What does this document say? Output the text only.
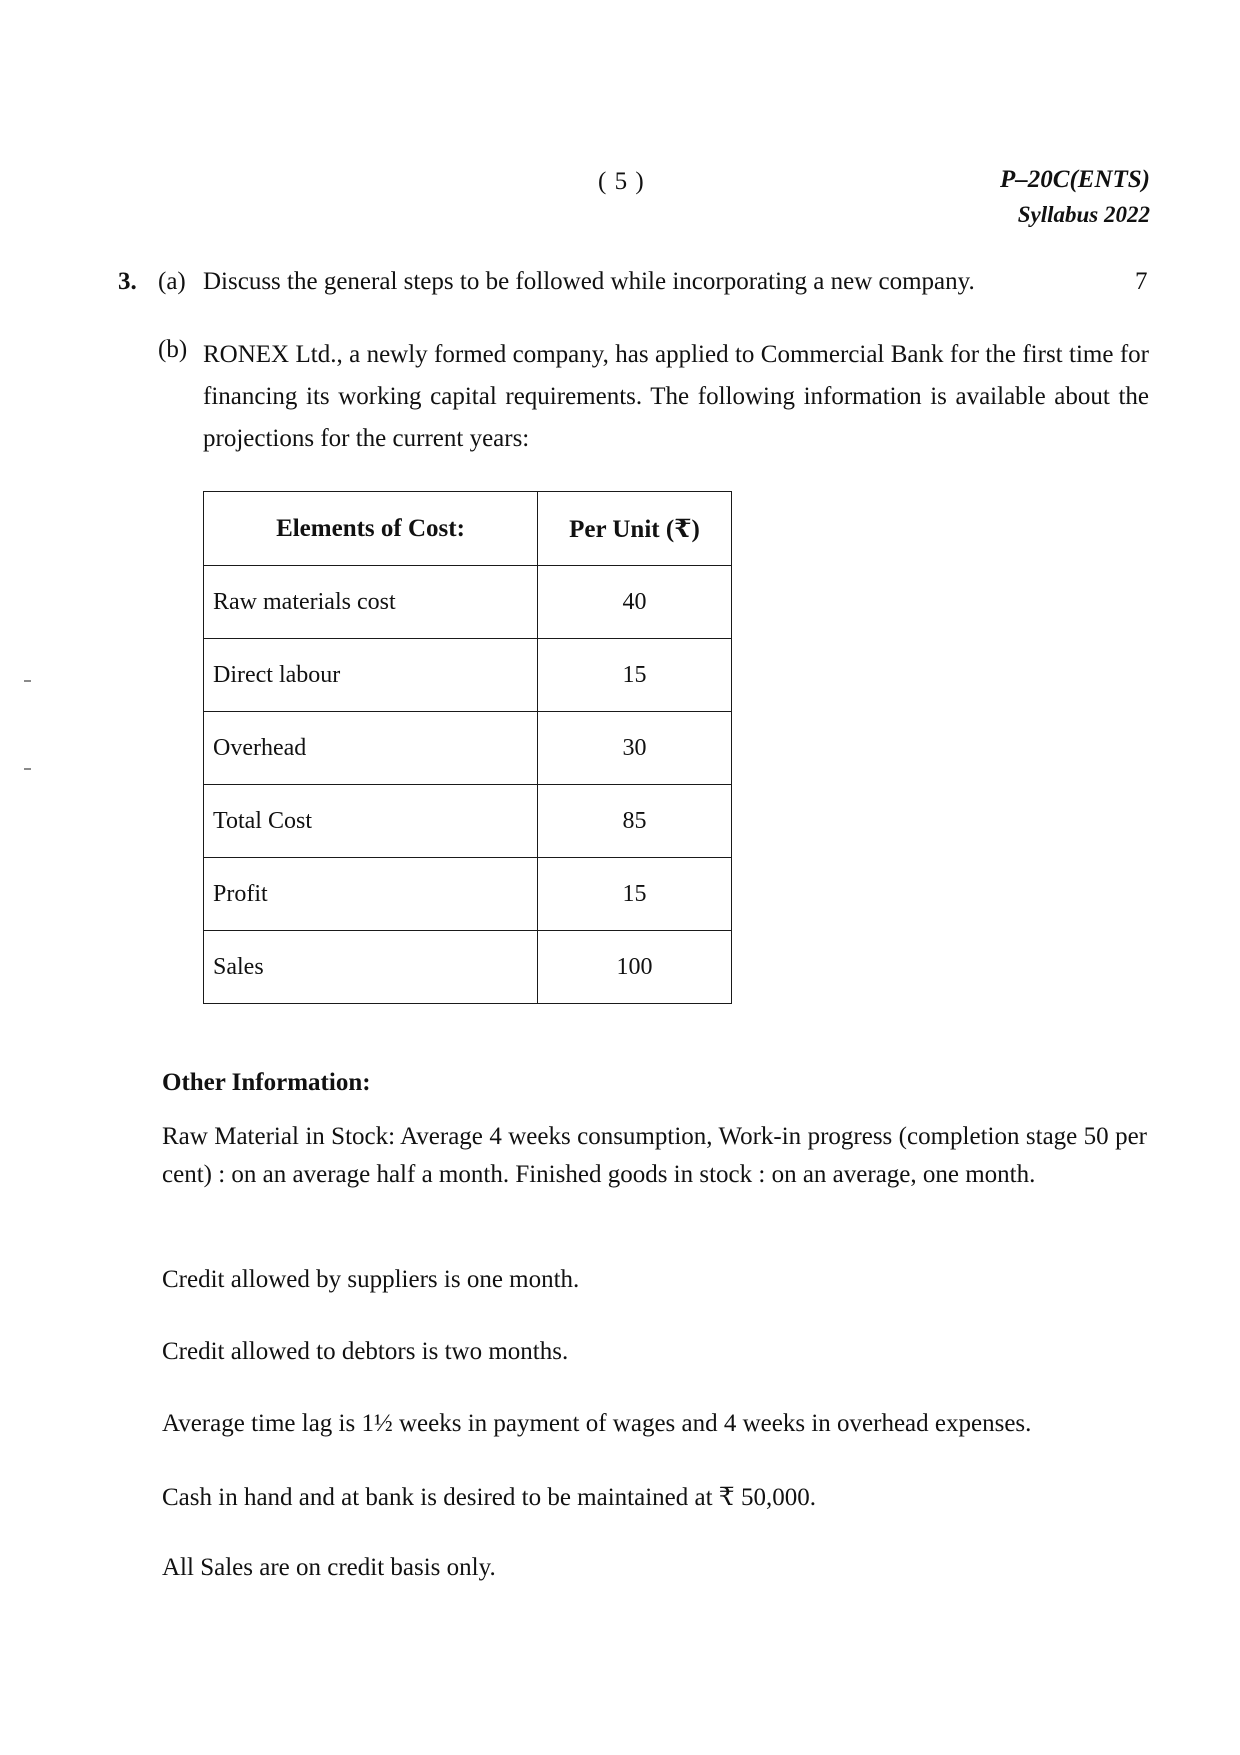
( 5 )	P–20C(ENTS)
Syllabus 2022
3. (a) Discuss the general steps to be followed while incorporating a new company.	7
(b) RONEX Ltd., a newly formed company, has applied to Commercial Bank for the first time for financing its working capital requirements. The following information is available about the projections for the current years:

Elements of Cost:	Per Unit (₹)
Raw materials cost	40
Direct labour	15
Overhead	30
Total Cost	85
Profit	15
Sales	100
Other Information:

Raw Material in Stock: Average 4 weeks consumption, Work-in progress (completion stage 50 per cent) : on an average half a month. Finished goods in stock : on an average, one month.

Credit allowed by suppliers is one month.
Credit allowed to debtors is two months.
Average time lag is 1½ weeks in payment of wages and 4 weeks in overhead expenses.
Cash in hand and at bank is desired to be maintained at ₹ 50,000.
All Sales are on credit basis only.
